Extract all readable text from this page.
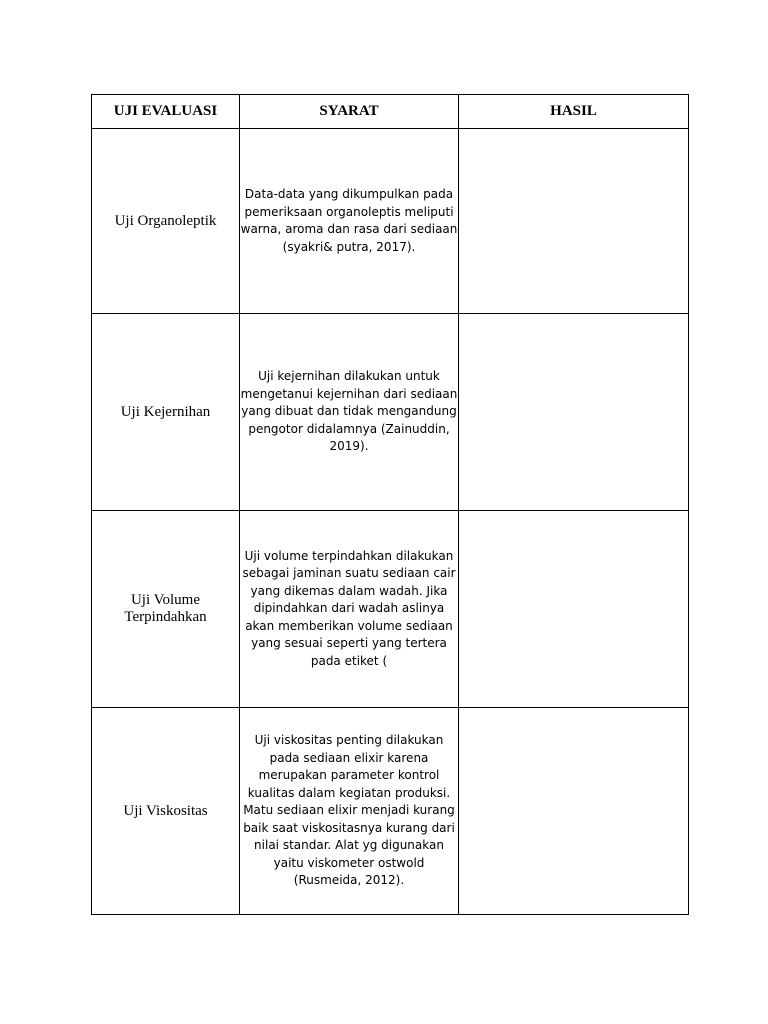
UJI EVALUASI	SYARAT	HASIL
Uji Organoleptik	Data-data yang dikumpulkan pada pemeriksaan organoleptis meliputi warna, aroma dan rasa dari sediaan (syakri& putra, 2017).	
Uji Kejernihan	Uji kejernihan dilakukan untuk mengetanui kejernihan dari sediaan yang dibuat dan tidak mengandung pengotor didalamnya (Zainuddin, 2019).	
Uji Volume Terpindahkan	Uji volume terpindahkan dilakukan sebagai jaminan suatu sediaan cair yang dikemas dalam wadah. Jika dipindahkan dari wadah aslinya akan memberikan volume sediaan yang sesuai seperti yang tertera pada etiket (	
Uji Viskositas	Uji viskositas penting dilakukan pada sediaan elixir karena merupakan parameter kontrol kualitas dalam kegiatan produksi. Matu sediaan elixir menjadi kurang baik saat viskositasnya kurang dari nilai standar. Alat yg digunakan yaitu viskometer ostwold (Rusmeida, 2012).	
